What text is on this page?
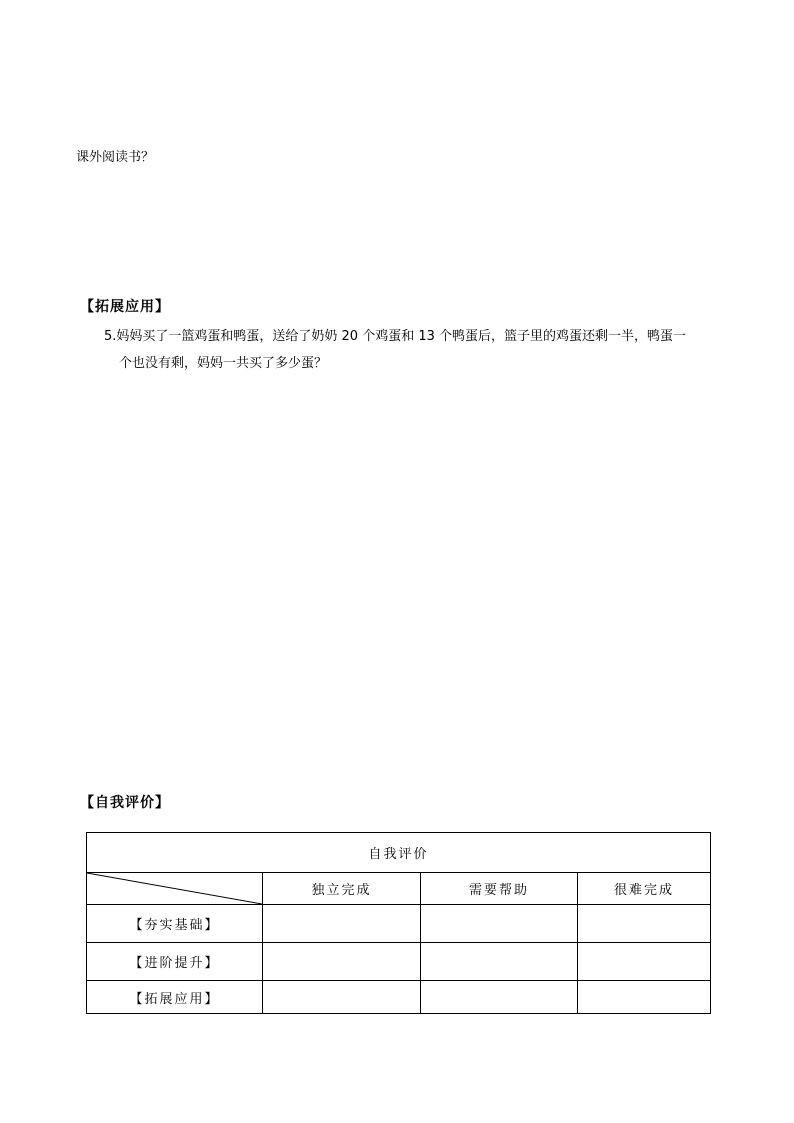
课外阅读书？
【拓展应用】
5.妈妈买了一篮鸡蛋和鸭蛋，送给了奶奶 20 个鸡蛋和 13 个鸭蛋后，篮子里的鸡蛋还剩一半，鸭蛋一
个也没有剩，妈妈一共买了多少蛋？
【自我评价】
自我评价			

	独立完成	需要帮助	很难完成
【夯实基础】			
【进阶提升】			
【拓展应用】			
